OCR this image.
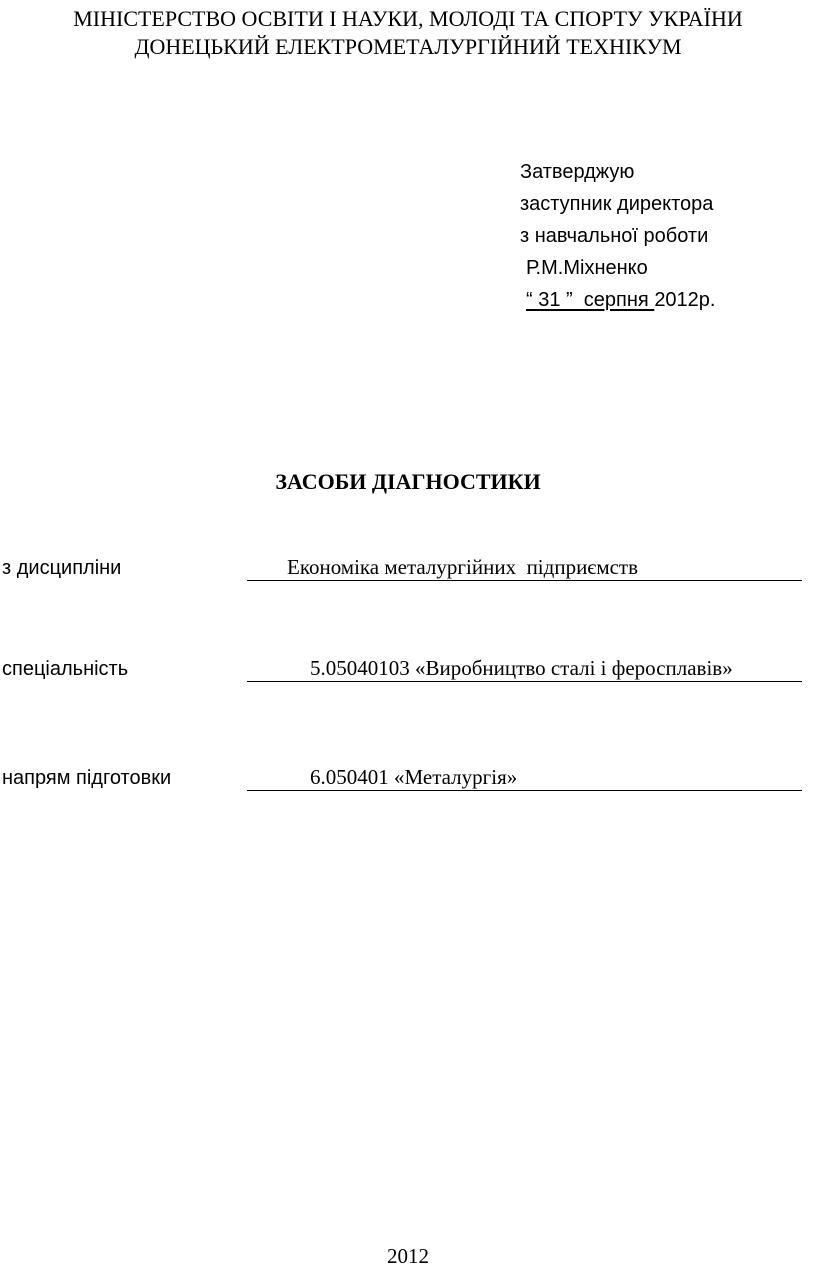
МІНІСТЕРСТВО ОСВІТИ І НАУКИ, МОЛОДІ ТА СПОРТУ УКРАЇНИ
ДОНЕЦЬКИЙ ЕЛЕКТРОМЕТАЛУРГІЙНИЙ ТЕХНІКУМ
Затверджую
заступник директора
з навчальної роботи
Р.М.Міхненко
“ 31 ”  серпня 2012р.
ЗАСОБИ ДІАГНОСТИКИ
з дисципліни	Економіка металургійних  підприємств
спеціальність	5.05040103 «Виробництво сталі і феросплавів»
напрям підготовки	6.050401 «Металургія»
2012
